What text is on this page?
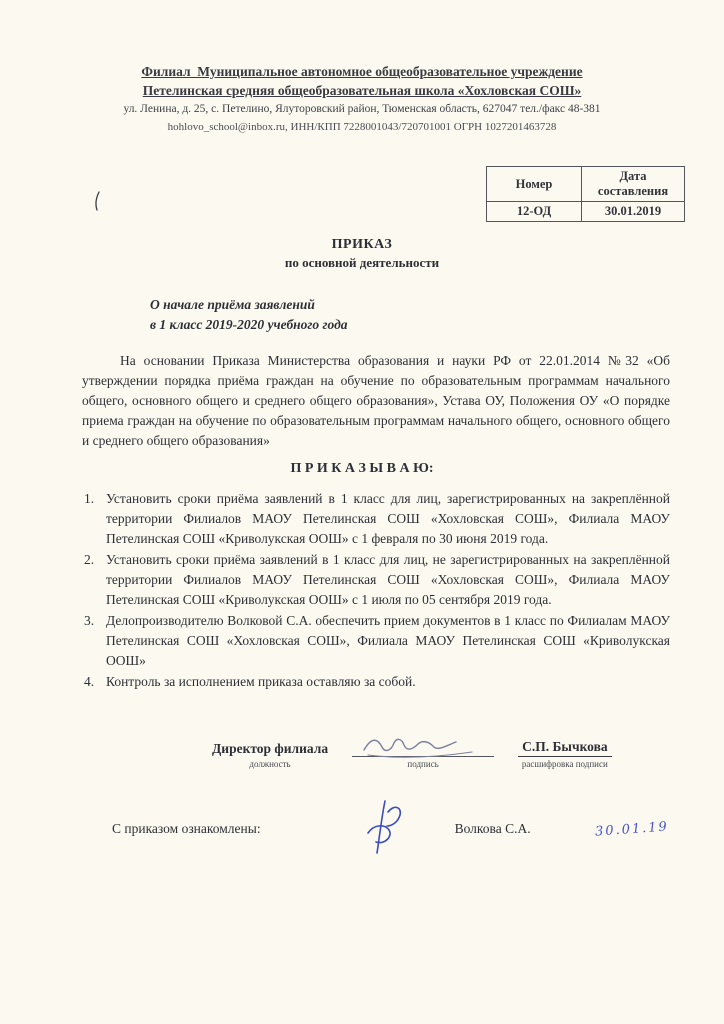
Филиал  Муниципальное автономное общеобразовательное учреждение
Петелинская средняя общеобразовательная школа «Хохловская СОШ»
ул. Ленина, д. 25, с. Петелино, Ялуторовский район, Тюменская область, 627047 тел./факс 48-381
hohlovo_school@inbox.ru, ИНН/КПП 7228001043/720701001 ОГРН 1027201463728
Номер	Дата составления
12-ОД	30.01.2019
ПРИКАЗ
по основной деятельности
О начале приёма заявлений
в 1 класс 2019-2020 учебного года
На основании Приказа Министерства образования и науки РФ от 22.01.2014 №32 «Об утверждении порядка приёма граждан на обучение по образовательным программам начального общего, основного общего и среднего общего образования», Устава ОУ, Положения ОУ «О порядке приема граждан на обучение по образовательным программам начального общего, основного общего и среднего общего образования»
П Р И К А З Ы В А Ю:
1. Установить сроки приёма заявлений в 1 класс для лиц, зарегистрированных на закреплённой территории Филиалов МАОУ Петелинская СОШ «Хохловская СОШ», Филиала МАОУ Петелинская СОШ «Криволукская ООШ» с 1 февраля по 30 июня 2019 года.
2. Установить сроки приёма заявлений в 1 класс для лиц, не зарегистрированных на закреплённой территории Филиалов МАОУ Петелинская СОШ «Хохловская СОШ», Филиала МАОУ Петелинская СОШ «Криволукская ООШ» с 1 июля по 05 сентября 2019 года.
3. Делопроизводителю Волковой С.А. обеспечить прием документов в 1 класс по Филиалам МАОУ Петелинская СОШ «Хохловская СОШ», Филиала МАОУ Петелинская СОШ «Криволукская ООШ»
4. Контроль за исполнением приказа оставляю за собой.
Директор филиала
должность	подпись
С.П. Бычкова
расшифровка подписи
С приказом ознакомлены:	Волкова С.А.	30.01.19
